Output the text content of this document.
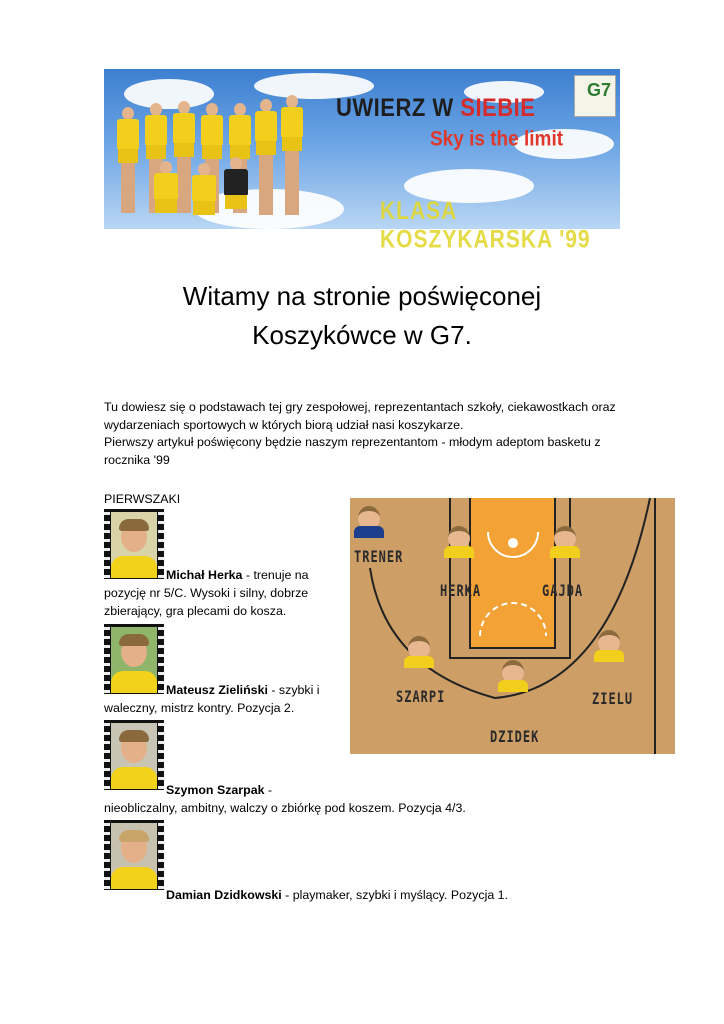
UWIERZ W SIEBIE
Sky is the limit
KLASA KOSZYKARSKA '99
G7
Witamy na stronie poświęconej
Koszykówce w G7.
Tu dowiesz się o podstawach tej gry zespołowej, reprezentantach szkoły, ciekawostkach oraz
wydarzeniach sportowych w których biorą udział nasi koszykarze.
Pierwszy artykuł poświęcony będzie naszym reprezentantom - młodym adeptom basketu z
rocznika '99
PIERWSZAKI
TRENER
HERKA	GAJDA
SZARPI
DZIDEK
ZIELU
Michał Herka - trenuje na
pozycję nr 5/C. Wysoki i silny, dobrze
zbierający, gra plecami do kosza.
Mateusz Zieliński - szybki i
waleczny, mistrz kontry. Pozycja 2.
Szymon Szarpak -
nieobliczalny, ambitny, walczy o zbiórkę pod koszem. Pozycja 4/3.
Damian Dzidkowski - playmaker, szybki i myślący. Pozycja 1.
